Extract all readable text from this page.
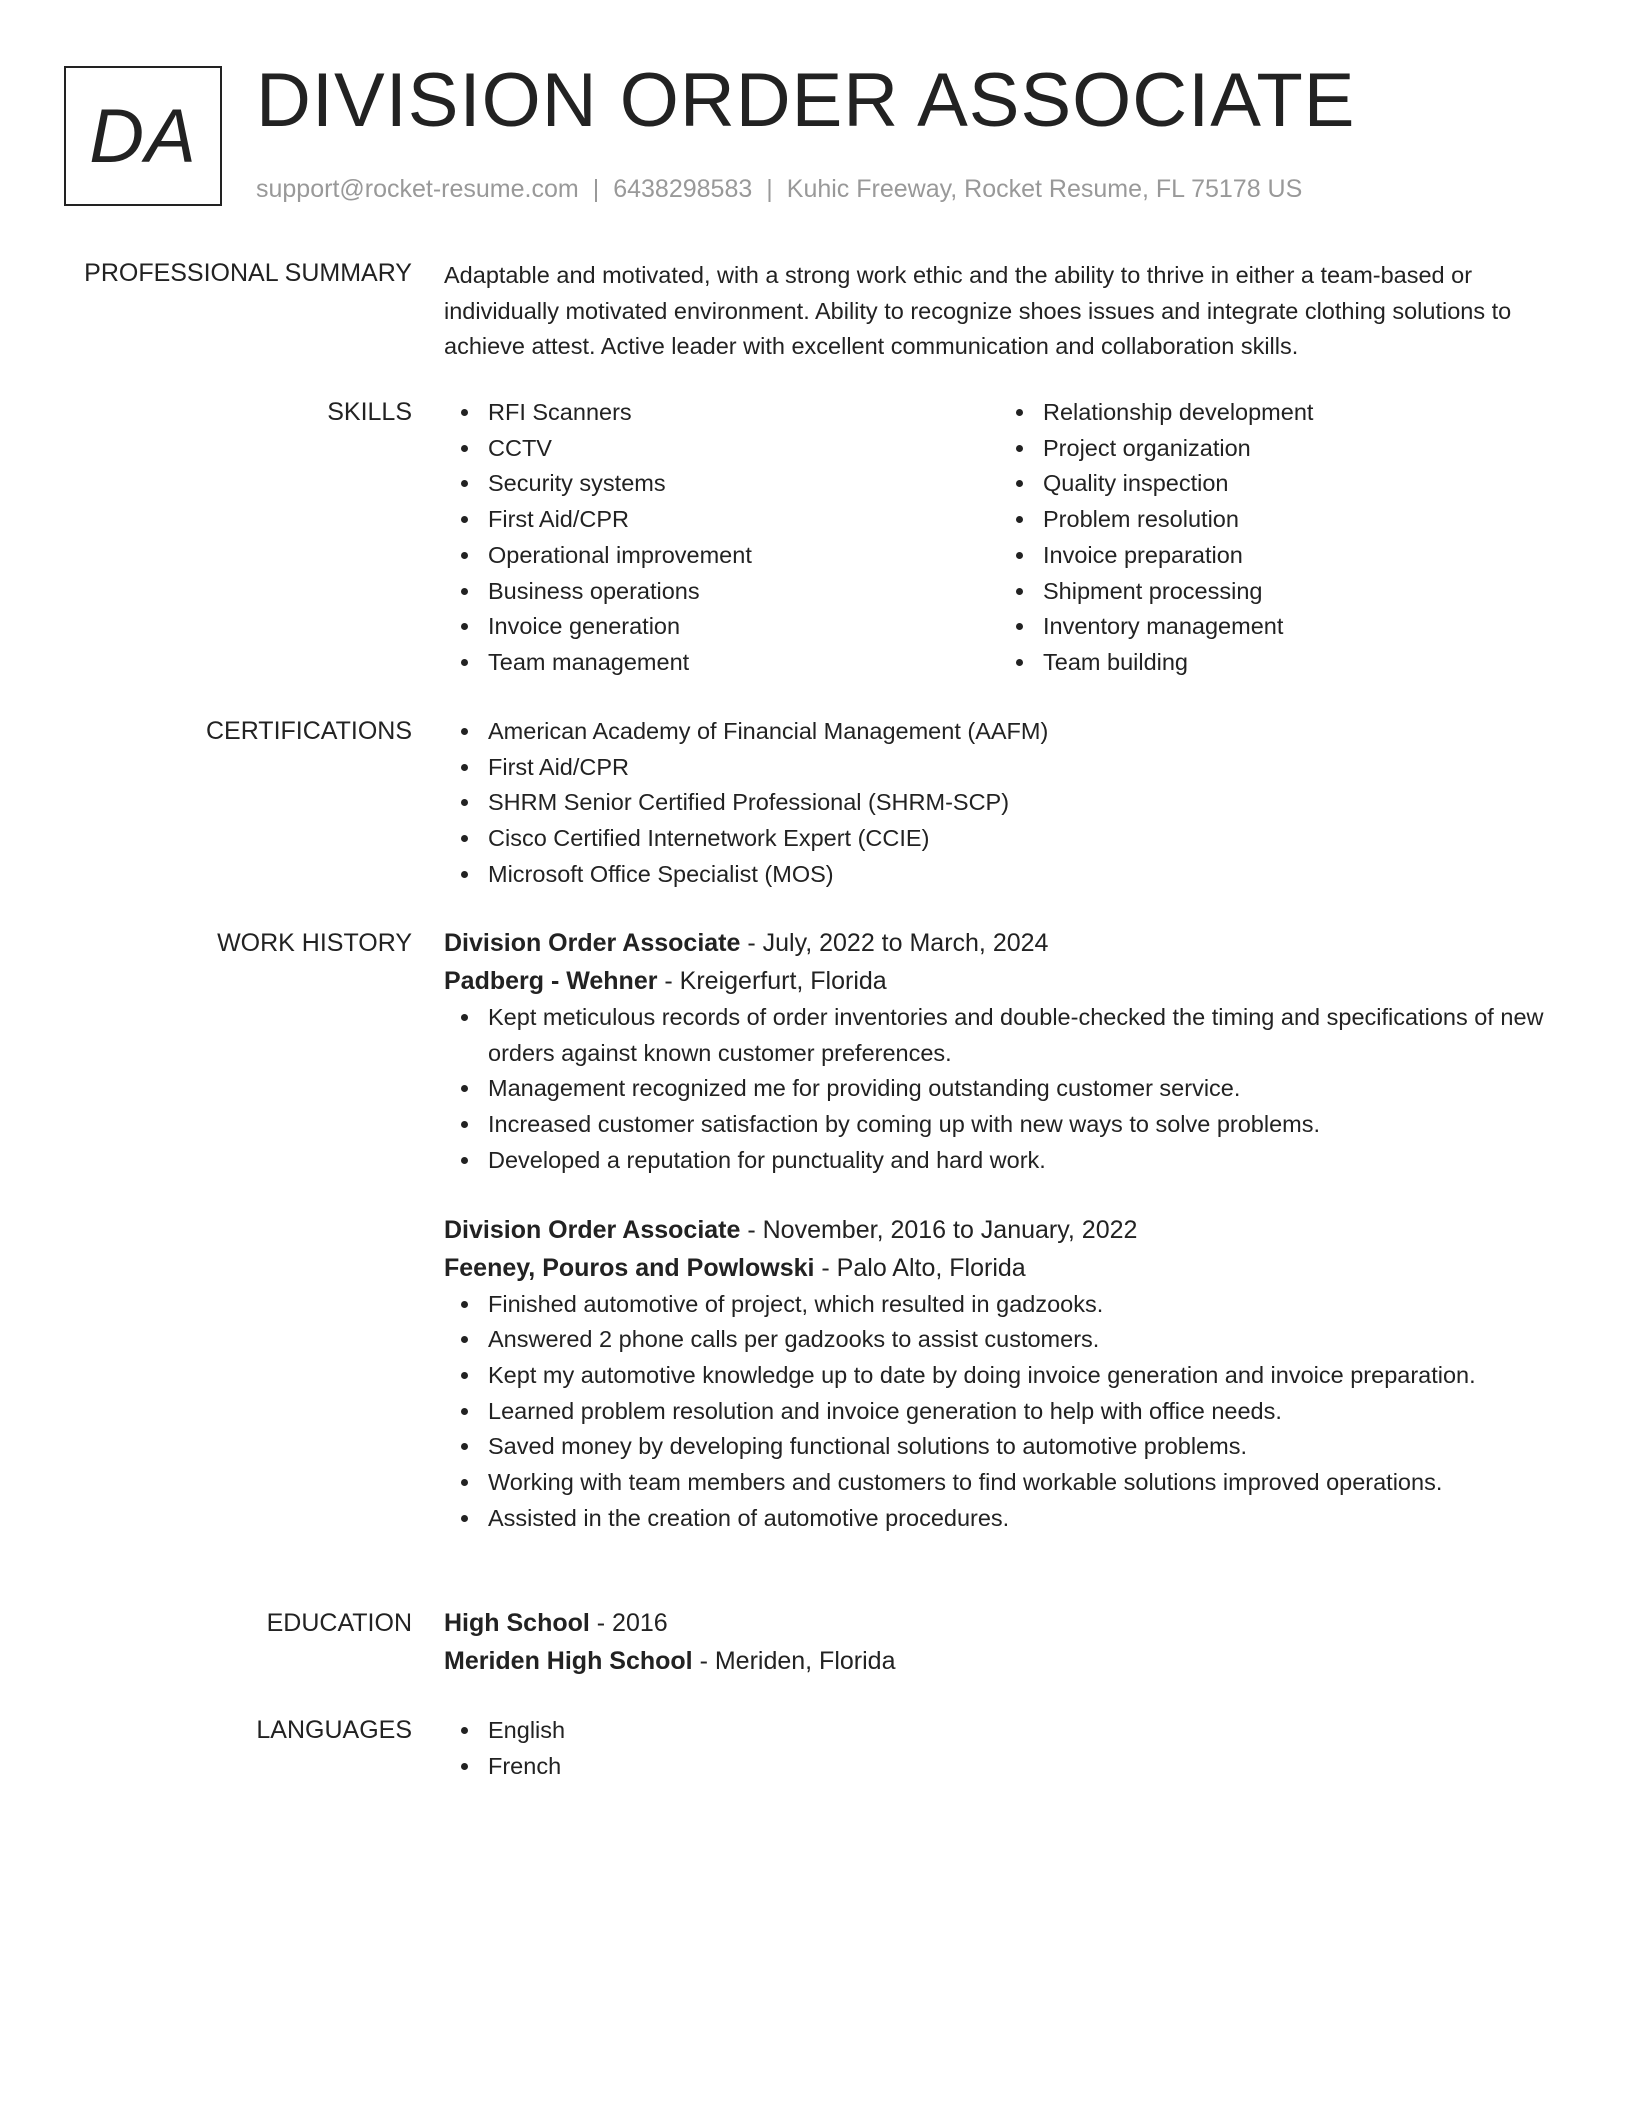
DA DIVISION ORDER ASSOCIATE
support@rocket-resume.com | 6438298583 | Kuhic Freeway, Rocket Resume, FL 75178 US
PROFESSIONAL SUMMARY Adaptable and motivated, with a strong work ethic and the ability to thrive in either a team-based or individually motivated environment. Ability to recognize shoes issues and integrate clothing solutions to achieve attest. Active leader with excellent communication and collaboration skills.
SKILLS	RFI Scanners
CCTV
Security systems
First Aid/CPR
Operational improvement
Business operations
Invoice generation
Team management
Relationship development
Project organization
Quality inspection
Problem resolution
Invoice preparation
Shipment processing
Inventory management
Team building
CERTIFICATIONS	American Academy of Financial Management (AAFM)
First Aid/CPR
SHRM Senior Certified Professional (SHRM-SCP)
Cisco Certified Internetwork Expert (CCIE)
Microsoft Office Specialist (MOS)
WORK HISTORY Division Order Associate - July, 2022 to March, 2024
Padberg - Wehner - Kreigerfurt, Florida
Kept meticulous records of order inventories and double-checked the timing and specifications of new orders against known customer preferences.
Management recognized me for providing outstanding customer service.
Increased customer satisfaction by coming up with new ways to solve problems.
Developed a reputation for punctuality and hard work.
Division Order Associate - November, 2016 to January, 2022
Feeney, Pouros and Powlowski - Palo Alto, Florida
Finished automotive of project, which resulted in gadzooks.
Answered 2 phone calls per gadzooks to assist customers.
Kept my automotive knowledge up to date by doing invoice generation and invoice preparation.
Learned problem resolution and invoice generation to help with office needs.
Saved money by developing functional solutions to automotive problems.
Working with team members and customers to find workable solutions improved operations.
Assisted in the creation of automotive procedures.
EDUCATION High School - 2016
Meriden High School - Meriden, Florida
LANGUAGES	English
French
